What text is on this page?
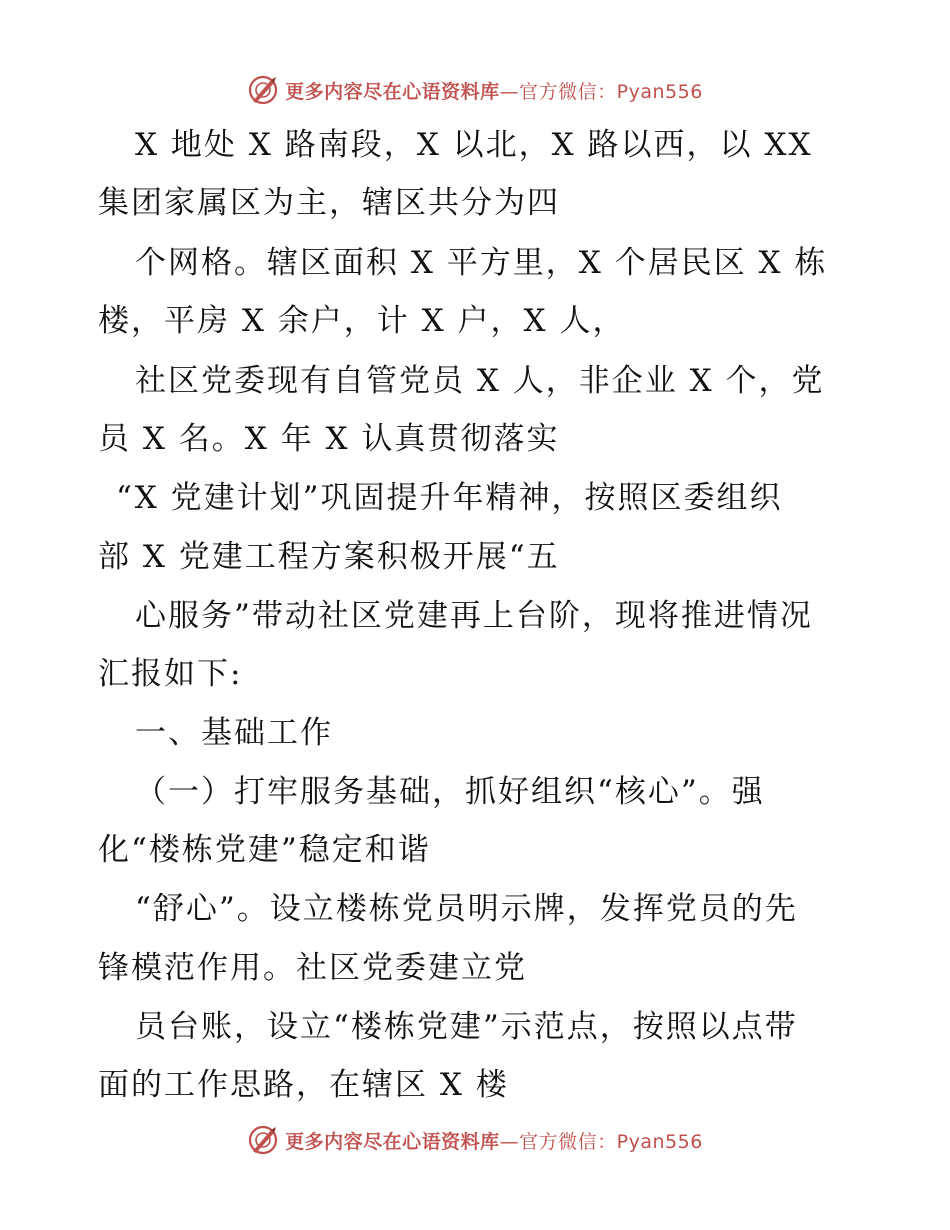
更多内容尽在心语资料库—官方微信：Pyan556
X 地处 X 路南段，X 以北，X 路以西，以 XX
集团家属区为主，辖区共分为四
个网格。辖区面积 X 平方里，X 个居民区 X 栋
楼，平房 X 余户，计 X 户，X 人，
社区党委现有自管党员 X 人，非企业 X 个，党
员 X 名。X 年 X 认真贯彻落实
“X 党建计划”巩固提升年精神，按照区委组织
部 X 党建工程方案积极开展“五
心服务”带动社区党建再上台阶，现将推进情况
汇报如下:
一、基础工作
（一）打牢服务基础，抓好组织“核心”。强
化“楼栋党建”稳定和谐
“舒心”。设立楼栋党员明示牌，发挥党员的先
锋模范作用。社区党委建立党
员台账，设立“楼栋党建”示范点，按照以点带
面的工作思路，在辖区 X 楼
更多内容尽在心语资料库—官方微信：Pyan556
